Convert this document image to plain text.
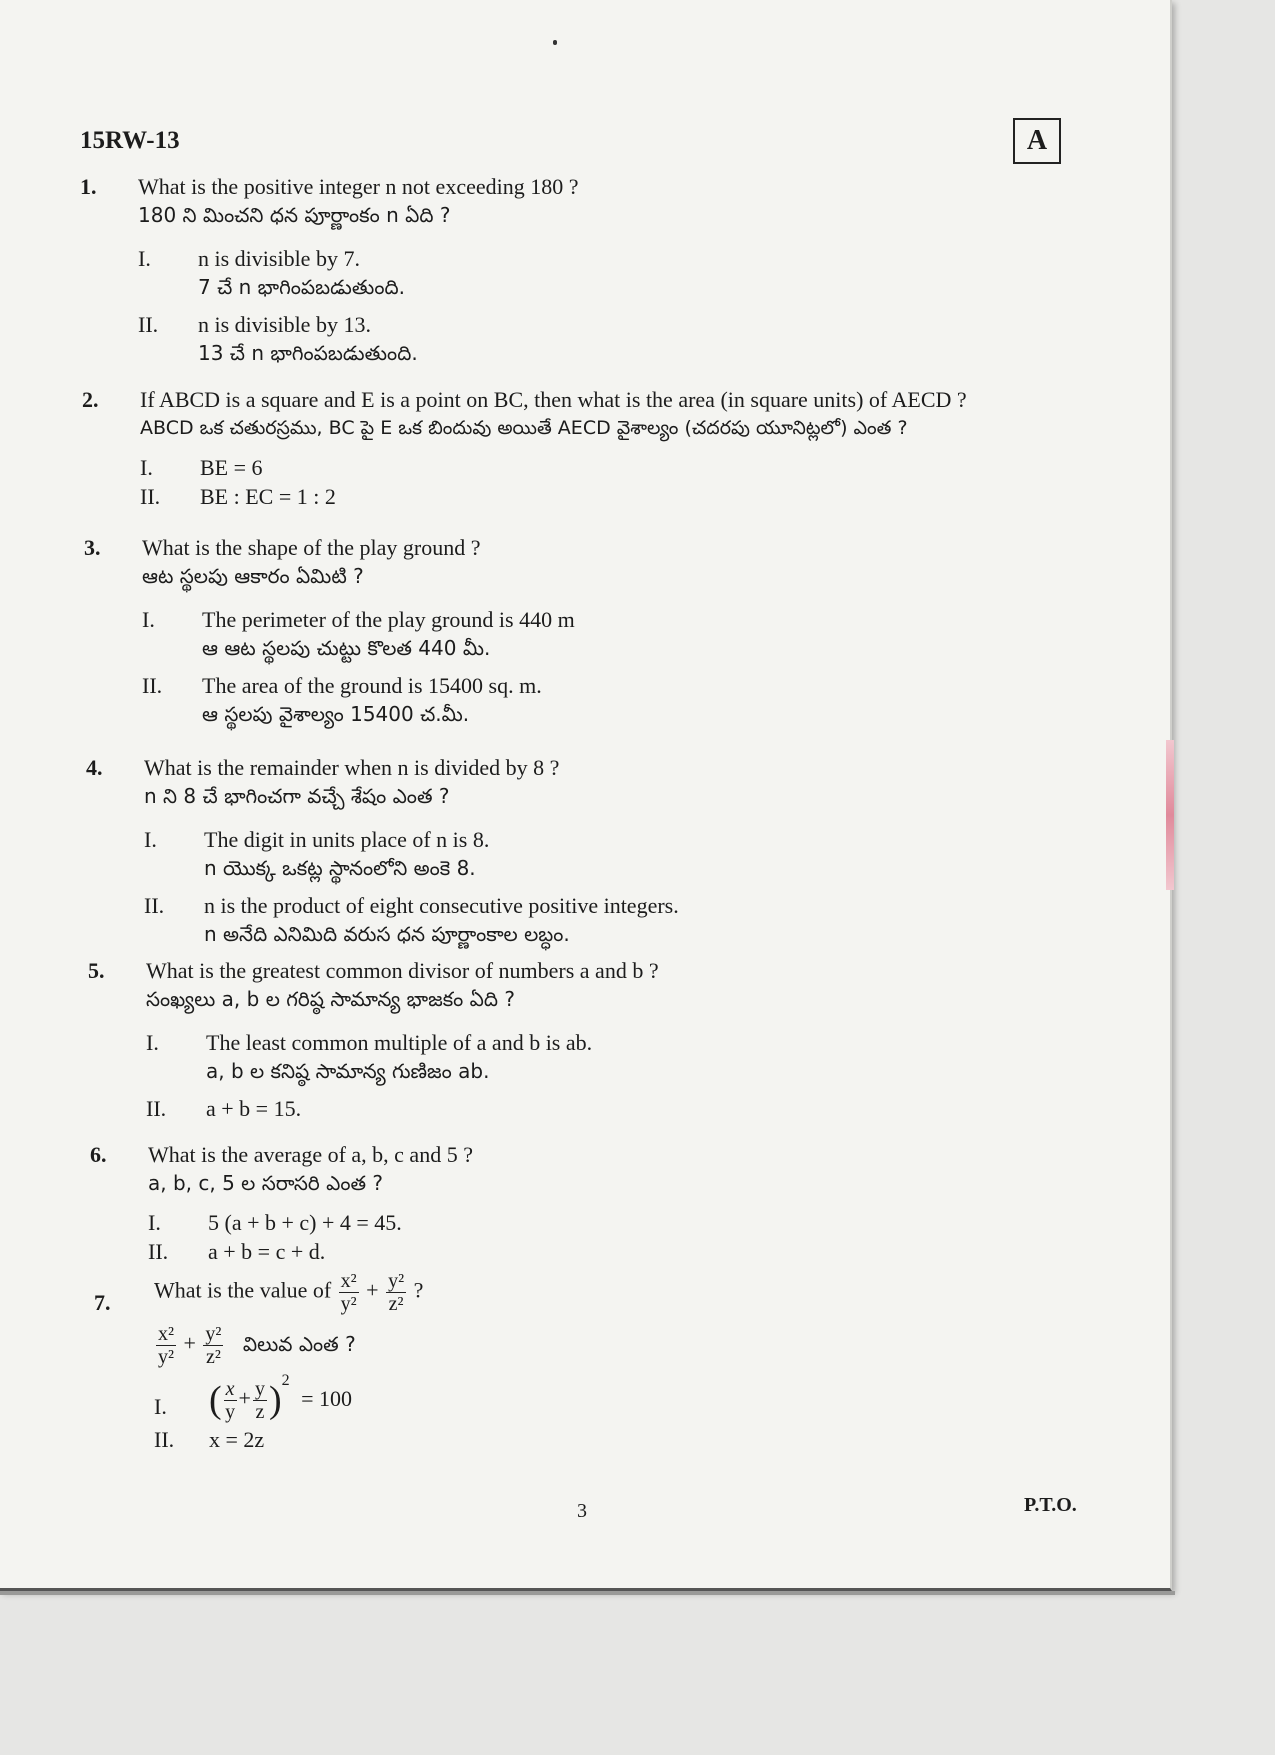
15RW-13	A
1. What is the positive integer n not exceeding 180 ?
180 ని మించని ధన పూర్ణాంకం n ఏది ?
I. n is divisible by 7.
7 చే n భాగింపబడుతుంది.
II. n is divisible by 13.
13 చే n భాగింపబడుతుంది.
2. If ABCD is a square and E is a point on BC, then what is the area (in square units) of AECD ?
ABCD ఒక చతురస్రము, BC పై E ఒక బిందువు అయితే AECD వైశాల్యం (చదరపు యూనిట్లలో) ఎంత ?
I. BE = 6
II. BE : EC = 1 : 2
3. What is the shape of the play ground ?
ఆట స్థలపు ఆకారం ఏమిటి ?
I. The perimeter of the play ground is 440 m
ఆ ఆట స్థలపు చుట్టు కొలత 440 మీ.
II. The area of the ground is 15400 sq. m.
ఆ స్థలపు వైశాల్యం 15400 చ.మీ.
4. What is the remainder when n is divided by 8 ?
n ని 8 చే భాగించగా వచ్చే శేషం ఎంత ?
I. The digit in units place of n is 8.
n యొక్క ఒకట్ల స్థానంలోని అంకె 8.
II. n is the product of eight consecutive positive integers.
n అనేది ఎనిమిది వరుస ధన పూర్ణాంకాల లబ్ధం.
5. What is the greatest common divisor of numbers a and b ?
సంఖ్యలు a, b ల గరిష్ఠ సామాన్య భాజకం ఏది ?
I. The least common multiple of a and b is ab.
a, b ల కనిష్ఠ సామాన్య గుణిజం ab.
II. a + b = 15.
6. What is the average of a, b, c and 5 ?
a, b, c, 5 ల సరాసరి ఎంత ?
I. 5 (a + b + c) + 4 = 45.
II. a + b = c + d.
7. What is the value of $\frac{\text{x²}}{\text{y²}} + \frac{\text{y²}}{\text{z²}}$ ?
$\frac{\text{x²}}{\text{y²}} + \frac{\text{y²}}{\text{z²}}$ విలువ ఎంత ?
I. ( $\frac{x}{y} + \frac{y}{z} )^2 = 100$
II. x = 2z
3	P.T.O.
